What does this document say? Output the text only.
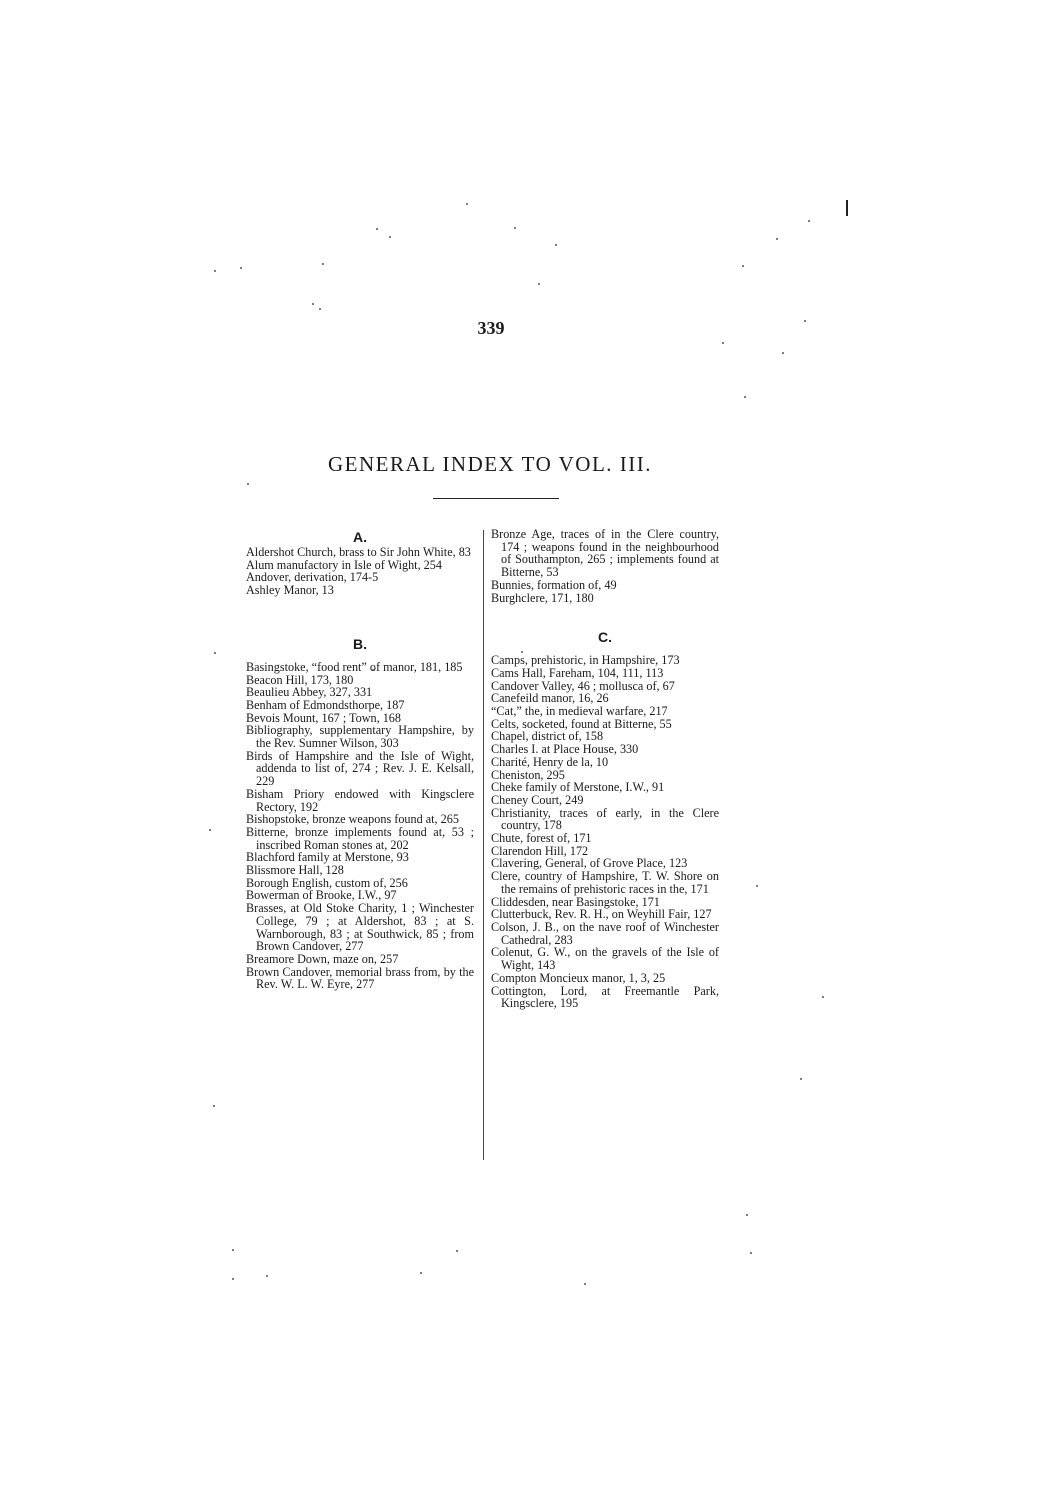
339
GENERAL INDEX TO VOL. III.
A.
Aldershot Church, brass to Sir John White, 83
Alum manufactory in Isle of Wight, 254
Andover, derivation, 174-5
Ashley Manor, 13
B.
Basingstoke, “food rent” of manor, 181, 185
Beacon Hill, 173, 180
Beaulieu Abbey, 327, 331
Benham of Edmondsthorpe, 187
Bevois Mount, 167 ; Town, 168
Bibliography, supplementary Hampshire, by the Rev. Sumner Wilson, 303
Birds of Hampshire and the Isle of Wight, addenda to list of, 274 ; Rev. J. E. Kelsall, 229
Bisham Priory endowed with Kingsclere Rectory, 192
Bishopstoke, bronze weapons found at, 265
Bitterne, bronze implements found at, 53 ; inscribed Roman stones at, 202
Blachford family at Merstone, 93
Blissmore Hall, 128
Borough English, custom of, 256
Bowerman of Brooke, I.W., 97
Brasses, at Old Stoke Charity, 1 ; Winchester College, 79 ; at Aldershot, 83 ; at S. Warnborough, 83 ; at Southwick, 85 ; from Brown Candover, 277
Breamore Down, maze on, 257
Brown Candover, memorial brass from, by the Rev. W. L. W. Eyre, 277
Bronze Age, traces of in the Clere country, 174 ; weapons found in the neighbourhood of Southampton, 265 ; implements found at Bitterne, 53
Bunnies, formation of, 49
Burghclere, 171, 180
C.
Camps, prehistoric, in Hampshire, 173
Cams Hall, Fareham, 104, 111, 113
Candover Valley, 46 ; mollusca of, 67
Canefeild manor, 16, 26
“Cat,” the, in medieval warfare, 217
Celts, socketed, found at Bitterne, 55
Chapel, district of, 158
Charles I. at Place House, 330
Charité, Henry de la, 10
Cheniston, 295
Cheke family of Merstone, I.W., 91
Cheney Court, 249
Christianity, traces of early, in the Clere country, 178
Chute, forest of, 171
Clarendon Hill, 172
Clavering, General, of Grove Place, 123
Clere, country of Hampshire, T. W. Shore on the remains of prehistoric races in the, 171
Cliddesden, near Basingstoke, 171
Clutterbuck, Rev. R. H., on Weyhill Fair, 127
Colson, J. B., on the nave roof of Winchester Cathedral, 283
Colenut, G. W., on the gravels of the Isle of Wight, 143
Compton Moncieux manor, 1, 3, 25
Cottington, Lord, at Freemantle Park, Kingsclere, 195
